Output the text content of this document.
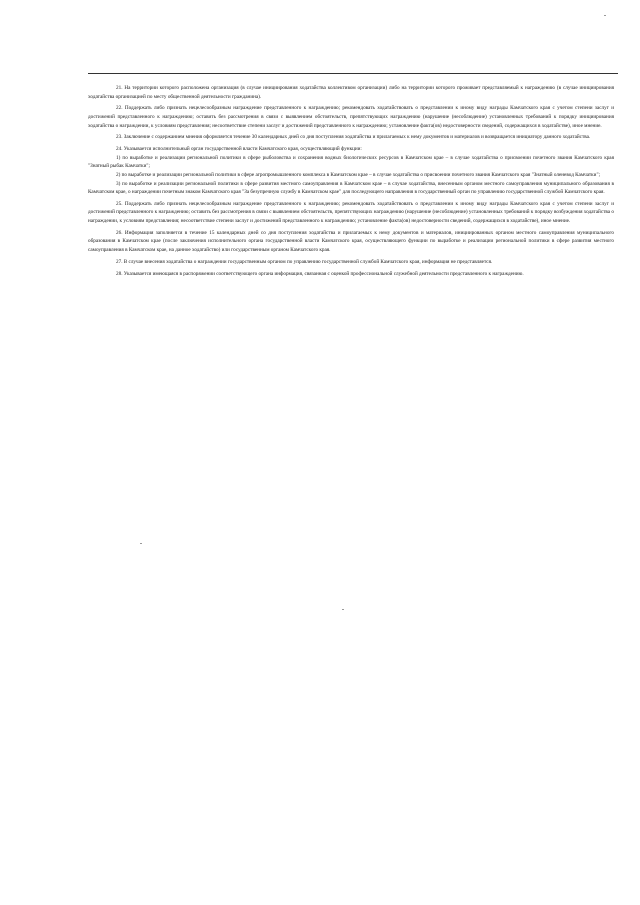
21. На территории которого расположена организация (в случае инициирования ходатайства коллективом организации) либо на территории которого проживает представляемый к награждению (в случае инициирования ходатайства организацией по месту общественной деятельности гражданина).

22. Поддержать либо признать нецелесообразным награждение представленного к награждению; рекомендовать ходатайствовать о представлении к иному виду награды Камчатского края с учетом степени заслуг и достижений представленного к награждению; оставить без рассмотрения в связи с выявлением обстоятельств, препятствующих награждению (нарушение (несоблюдение) установленных требований к порядку инициирования ходатайства о награждении, к условиям представления; несоответствие степени заслуг и достижений представленного к награждению; установление факта(ов) недостоверности сведений, содержащихся в ходатайстве), иное мнение.

23. Заключение с содержанием мнения оформляется течение 30 календарных дней со дня поступления ходатайства и прилагаемых к нему документов и материалов и возвращается инициатору данного ходатайства.

24. Указывается исполнительный орган государственной власти Камчатского края, осуществляющий функции:

1) по выработке и реализации региональной политики в сфере рыболовства и сохранения водных биологических ресурсов в Камчатском крае – в случае ходатайства о присвоении почетного звания Камчатского края "Знатный рыбак Камчатки";

2) по выработке и реализации региональной политики в сфере агропромышленного комплекса в Камчатском крае – в случае ходатайства о присвоении почетного звания Камчатского края "Знатный оленевод Камчатки";

3) по выработке и реализации региональной политики в сфере развития местного самоуправления в Камчатском крае – в случае ходатайства, внесенным органом местного самоуправления муниципального образования в Камчатском крае, о награждении почетным знаком Камчатского края "За безупречную службу в Камчатском крае" для последующего направления в государственный орган по управлению государственной службой Камчатского края.

25. Поддержать либо признать нецелесообразным награждение представленного к награждению; рекомендовать ходатайствовать о представлении к иному виду награды Камчатского края с учетом степени заслуг и достижений представленного к награждению; оставить без рассмотрения в связи с выявлением обстоятельств, препятствующих награждению (нарушение (несоблюдение) установленных требований к порядку возбуждения ходатайства о награждении, к условиям представления; несоответствие степени заслуг и достижений представленного к награждению; установление факта(ов) недостоверности сведений, содержащихся в ходатайстве), иное мнение.

26. Информация заполняется в течение 15 календарных дней со дня поступления ходатайства и прилагаемых к нему документов и материалов, инициированных органом местного самоуправления муниципального образования в Камчатском крае (после заключения исполнительного органа государственной власти Камчатского края, осуществляющего функции по выработке и реализации региональной политики в сфере развития местного самоуправления в Камчатском крае, на данное ходатайство) или государственным органом Камчатского края.

27. В случае внесения ходатайства о награждении государственным органом по управлению государственной службой Камчатского края, информация не представляется.

28. Указывается имеющаяся в распоряжении соответствующего органа информация, связанная с оценкой профессиональной служебной деятельности представленного к награждению.
